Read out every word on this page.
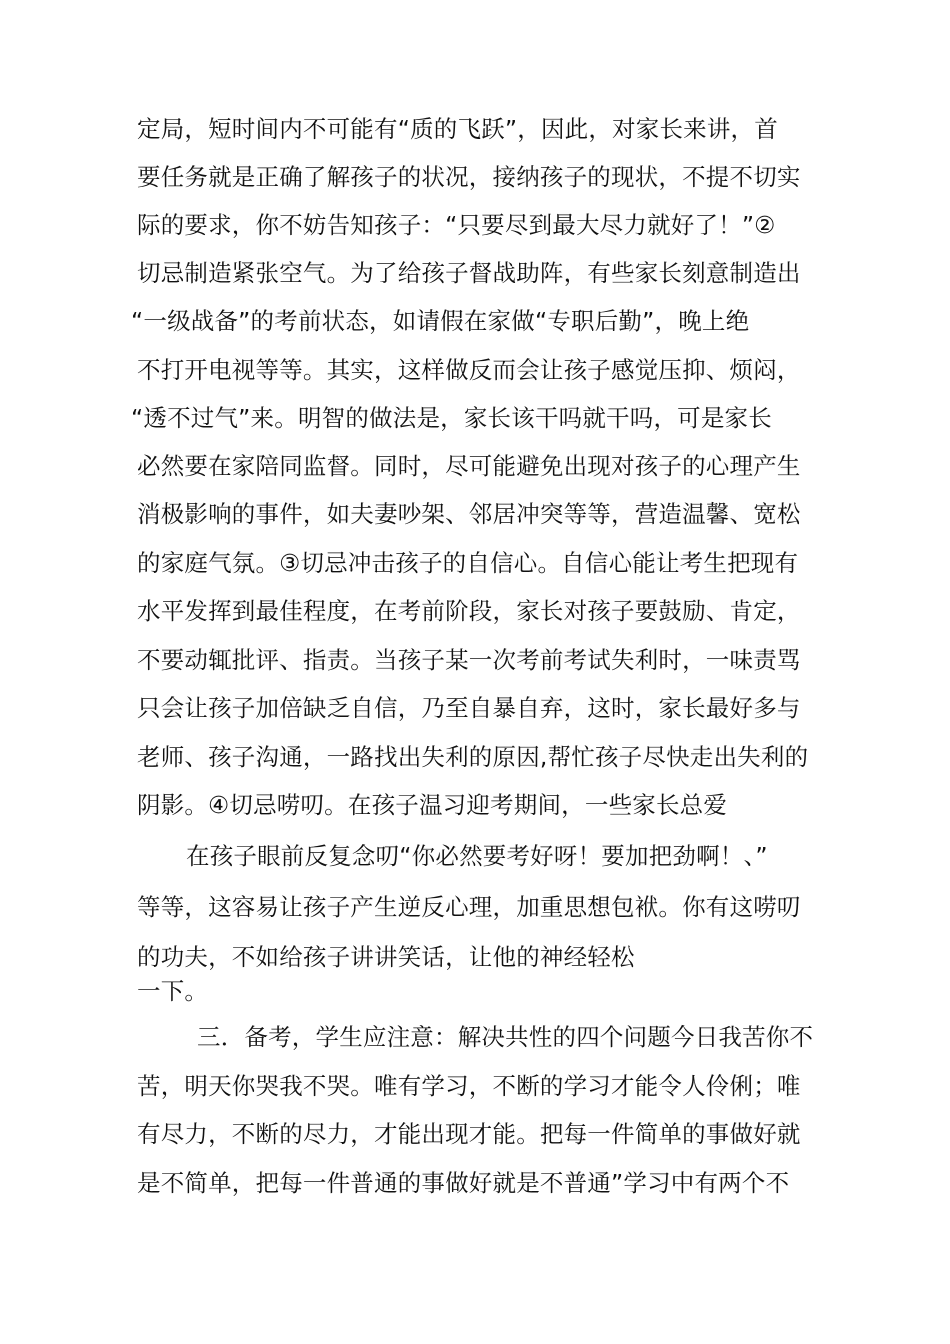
定局，短时间内不可能有“质的飞跃”，因此，对家长来讲，首
要任务就是正确了解孩子的状况，接纳孩子的现状，不提不切实
际的要求，你不妨告知孩子：“只要尽到最大尽力就好了！”②
切忌制造紧张空气。为了给孩子督战助阵，有些家长刻意制造出
“一级战备”的考前状态，如请假在家做“专职后勤”，晚上绝
不打开电视等等。其实，这样做反而会让孩子感觉压抑、烦闷，
“透不过气”来。明智的做法是，家长该干吗就干吗，可是家长
必然要在家陪同监督。同时，尽可能避免出现对孩子的心理产生
消极影响的事件，如夫妻吵架、邻居冲突等等，营造温馨、宽松
的家庭气氛。③切忌冲击孩子的自信心。自信心能让考生把现有
水平发挥到最佳程度，在考前阶段，家长对孩子要鼓励、肯定，
不要动辄批评、指责。当孩子某一次考前考试失利时，一味责骂
只会让孩子加倍缺乏自信，乃至自暴自弃，这时，家长最好多与
老师、孩子沟通，一路找出失利的原因,帮忙孩子尽快走出失利的
阴影。④切忌唠叨。在孩子温习迎考期间，一些家长总爱
在孩子眼前反复念叨“你必然要考好呀！要加把劲啊！、”
等等，这容易让孩子产生逆反心理，加重思想包袱。你有这唠叨
的功夫，不如给孩子讲讲笑话，让他的神经轻松
一下。
三．备考，学生应注意：解决共性的四个问题今日我苦你不
苦，明天你哭我不哭。唯有学习，不断的学习才能令人伶俐；唯
有尽力，不断的尽力，才能出现才能。把每一件简单的事做好就
是不简单，把每一件普通的事做好就是不普通”学习中有两个不
